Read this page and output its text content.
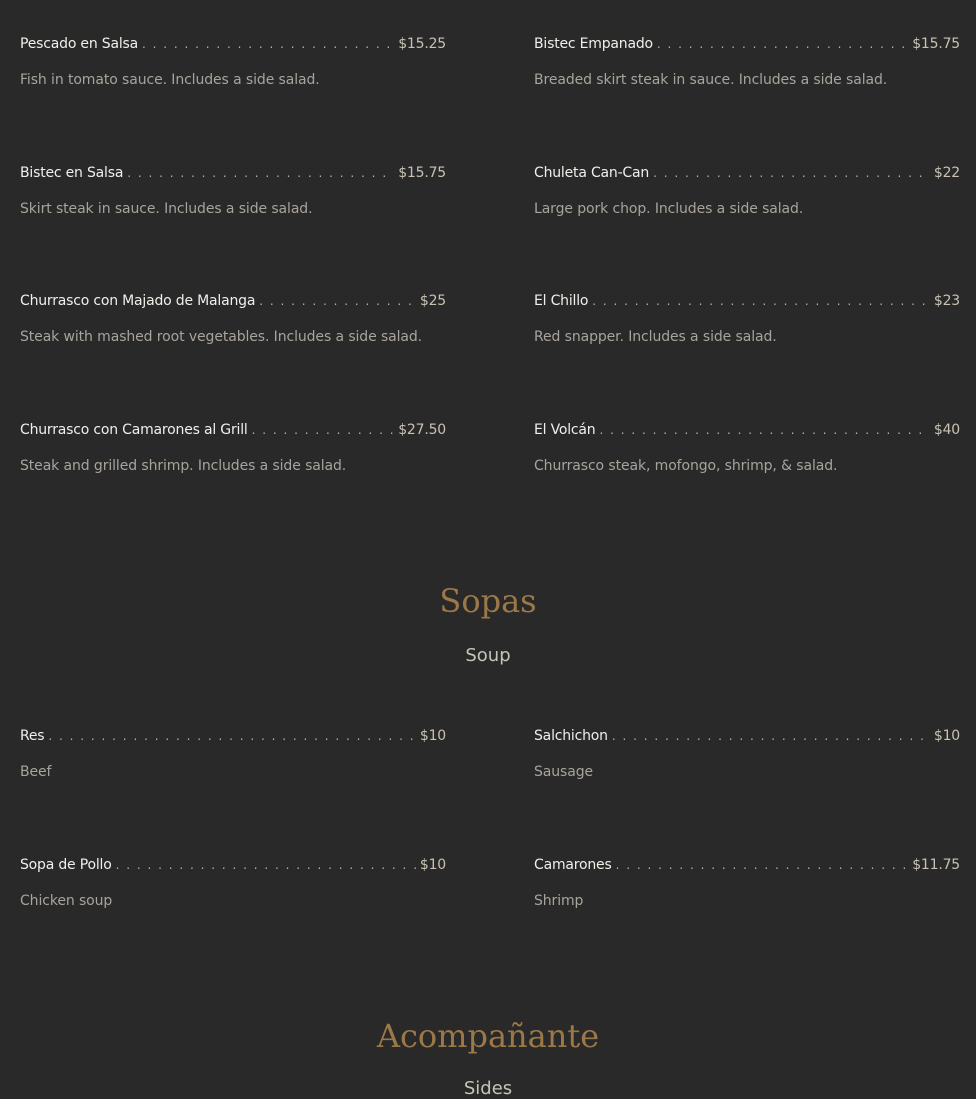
Pescado en Salsa . . .	$15.25
Fish in tomato sauce. Includes a side salad.
Bistec Empanado . . .	$15.75
Breaded skirt steak in sauce. Includes a side salad.
Bistec en Salsa . . .	$15.75
Skirt steak in sauce. Includes a side salad.
Chuleta Can-Can . . .	$22
Large pork chop. Includes a side salad.
Churrasco con Majado de Malanga . . .	$25
Steak with mashed root vegetables. Includes a side salad.
El Chillo . . .	$23
Red snapper. Includes a side salad.
Churrasco con Camarones al Grill . . .	$27.50
Steak and grilled shrimp. Includes a side salad.
El Volcán . . .	$40
Churrasco steak, mofongo, shrimp, & salad.
Sopas
Soup
Res . . .	$10
Beef
Salchichon . . .	$10
Sausage
Sopa de Pollo . . .	$10
Chicken soup
Camarones . . .	$11.75
Shrimp
Acompañante
Sides
